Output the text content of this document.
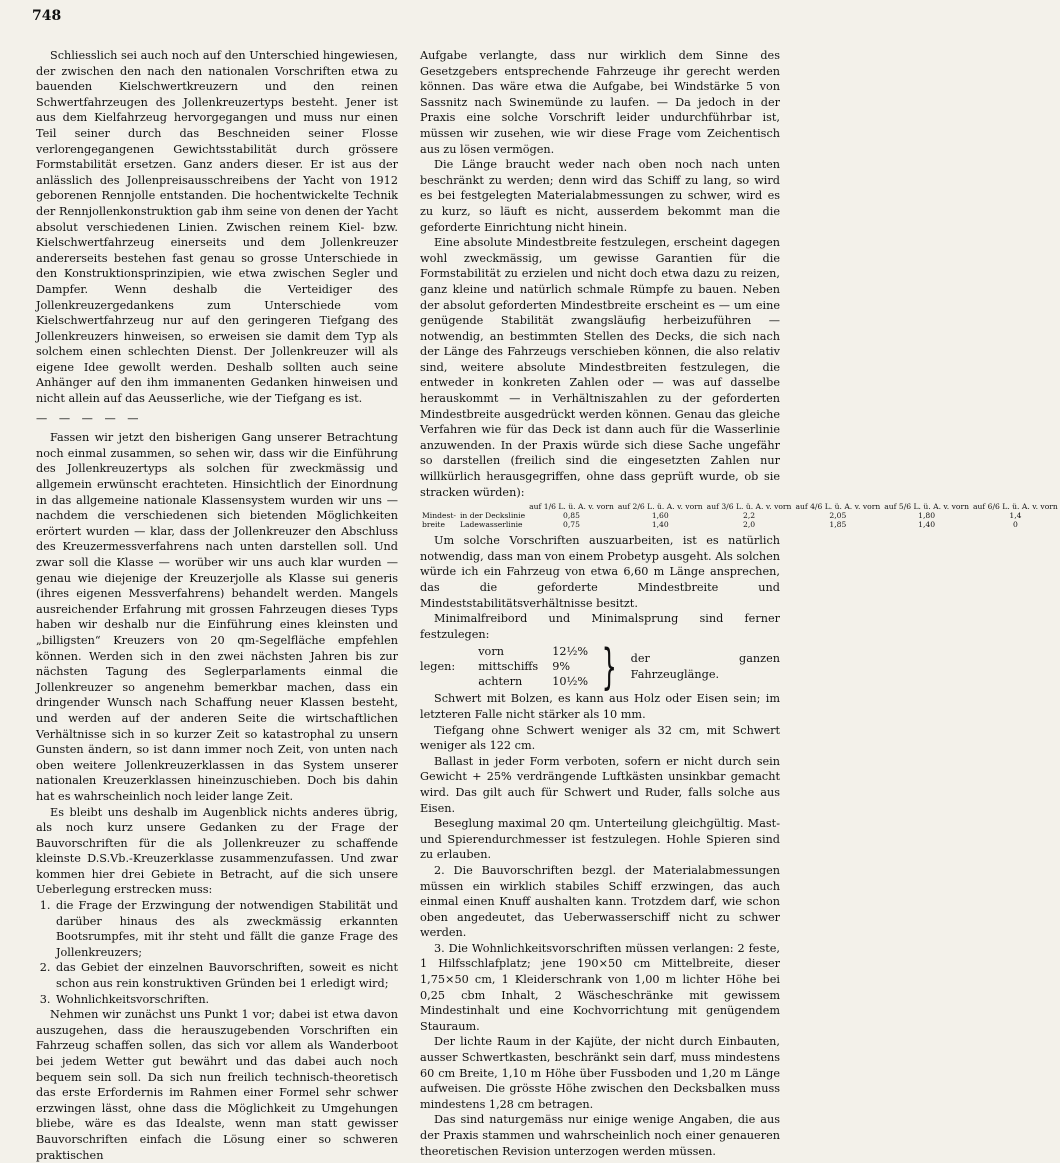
748

Schliesslich sei auch noch auf den Unterschied hingewiesen, der zwischen den nach den nationalen Vorschriften etwa zu bauenden Kielschwertkreuzern und den reinen Schwertfahrzeugen des Jollenkreuzertyps besteht. Jener ist aus dem Kielfahrzeug hervorgegangen und muss nur einen Teil seiner durch das Beschneiden seiner Flosse verlorengegangenen Gewichtsstabilität durch grössere Formstabilität ersetzen. Ganz anders dieser. Er ist aus der anlässlich des Jollenpreisausschreibens der Yacht von 1912 geborenen Rennjolle entstanden. Die hochentwickelte Technik der Rennjollenkonstruktion gab ihm seine von denen der Yacht absolut verschiedenen Linien. Zwischen reinem Kiel- bzw. Kielschwertfahrzeug einerseits und dem Jollenkreuzer andererseits bestehen fast genau so grosse Unterschiede in den Konstruktionsprinzipien, wie etwa zwischen Segler und Dampfer. Wenn deshalb die Verteidiger des Jollenkreuzergedankens zum Unterschiede vom Kielschwertfahrzeug nur auf den geringeren Tiefgang des Jollenkreuzers hinweisen, so erweisen sie damit dem Typ als solchem einen schlechten Dienst. Der Jollenkreuzer will als eigene Idee gewollt werden. Deshalb sollten auch seine Anhänger auf den ihm immanenten Gedanken hinweisen und nicht allein auf das Aeusserliche, wie der Tiefgang es ist.

— — — — —

Fassen wir jetzt den bisherigen Gang unserer Betrachtung noch einmal zusammen, so sehen wir, dass wir die Einführung des Jollenkreuzertyps als solchen für zweckmässig und allgemein erwünscht erachteten. Hinsichtlich der Einordnung in das allgemeine nationale Klassensystem wurden wir uns — nachdem die verschiedenen sich bietenden Möglichkeiten erörtert wurden — klar, dass der Jollenkreuzer den Abschluss des Kreuzermessverfahrens nach unten darstellen soll. Und zwar soll die Klasse — worüber wir uns auch klar wurden — genau wie diejenige der Kreuzerjolle als Klasse sui generis (ihres eigenen Messverfahrens) behandelt werden. Mangels ausreichender Erfahrung mit grossen Fahrzeugen dieses Typs haben wir deshalb nur die Einführung eines kleinsten und „billigsten“ Kreuzers von 20 qm-Segelfläche empfehlen können. Werden sich in den zwei nächsten Jahren bis zur nächsten Tagung des Seglerparlaments einmal die Jollenkreuzer so angenehm bemerkbar machen, dass ein dringender Wunsch nach Schaffung neuer Klassen besteht, und werden auf der anderen Seite die wirtschaftlichen Verhältnisse sich in so kurzer Zeit so katastrophal zu unsern Gunsten ändern, so ist dann immer noch Zeit, von unten nach oben weitere Jollenkreuzerklassen in das System unserer nationalen Kreuzerklassen hineinzuschieben. Doch bis dahin hat es wahrscheinlich noch leider lange Zeit.

Es bleibt uns deshalb im Augenblick nichts anderes übrig, als noch kurz unsere Gedanken zu der Frage der Bauvorschriften für die als Jollenkreuzer zu schaffende kleinste D.S.Vb.-Kreuzerklasse zusammenzufassen. Und zwar kommen hier drei Gebiete in Betracht, auf die sich unsere Ueberlegung erstrecken muss:

1. die Frage der Erzwingung der notwendigen Stabilität und darüber hinaus des als zweckmässig erkannten Bootsrumpfes, mit ihr steht und fällt die ganze Frage des Jollenkreuzers;
2. das Gebiet der einzelnen Bauvorschriften, soweit es nicht schon aus rein konstruktiven Gründen bei 1 erledigt wird;
3. Wohnlichkeitsvorschriften.

Nehmen wir zunächst uns Punkt 1 vor; dabei ist etwa davon auszugehen, dass die herauszugebenden Vorschriften ein Fahrzeug schaffen sollen, das sich vor allem als Wanderboot bei jedem Wetter gut bewährt und das dabei auch noch bequem sein soll. Da sich nun freilich technisch-theoretisch das erste Erfordernis im Rahmen einer Formel sehr schwer erzwingen lässt, ohne dass die Möglichkeit zu Umgehungen bliebe, wäre es das Idealste, wenn man statt gewisser Bauvorschriften einfach die Lösung einer so schweren praktischen

Aufgabe verlangte, dass nur wirklich dem Sinne des Gesetzgebers entsprechende Fahrzeuge ihr gerecht werden können. Das wäre etwa die Aufgabe, bei Windstärke 5 von Sassnitz nach Swinemünde zu laufen. — Da jedoch in der Praxis eine solche Vorschrift leider undurchführbar ist, müssen wir zusehen, wie wir diese Frage vom Zeichentisch aus zu lösen vermögen.

Die Länge braucht weder nach oben noch nach unten beschränkt zu werden; denn wird das Schiff zu lang, so wird es bei festgelegten Materialabmessungen zu schwer, wird es zu kurz, so läuft es nicht, ausserdem bekommt man die geforderte Einrichtung nicht hinein.

Eine absolute Mindestbreite festzulegen, erscheint dagegen wohl zweckmässig, um gewisse Garantien für die Formstabilität zu erzielen und nicht doch etwa dazu zu reizen, ganz kleine und natürlich schmale Rümpfe zu bauen. Neben der absolut geforderten Mindestbreite erscheint es — um eine genügende Stabilität zwangsläufig herbeizuführen — notwendig, an bestimmten Stellen des Decks, die sich nach der Länge des Fahrzeugs verschieben können, die also relativ sind, weitere absolute Mindestbreiten festzulegen, die entweder in konkreten Zahlen oder — was auf dasselbe herauskommt — in Verhältniszahlen zu der geforderten Mindestbreite ausgedrückt werden können. Genau das gleiche Verfahren wie für das Deck ist dann auch für die Wasserlinie anzuwenden. In der Praxis würde sich diese Sache ungefähr so darstellen (freilich sind die eingesetzten Zahlen nur willkürlich herausgegriffen, ohne dass geprüft wurde, ob sie stracken würden):

		auf 1/6 L. ü. A. v. vorn	auf 2/6 L. ü. A. v. vorn	auf 3/6 L. ü. A. v. vorn	auf 4/6 L. ü. A. v. vorn	auf 5/6 L. ü. A. v. vorn	auf 6/6 L. ü. A. v. vorn
Mindest-	in der Deckslinie	0,85	1,60	2,2	2,05	1,80	1,4
breite	Ladewasserlinie	0,75	1,40	2,0	1,85	1,40	0

Um solche Vorschriften auszuarbeiten, ist es natürlich notwendig, dass man von einem Probetyp ausgeht. Als solchen würde ich ein Fahrzeug von etwa 6,60 m Länge ansprechen, das die geforderte Mindestbreite und Mindeststabilitätsverhältnisse besitzt.

Minimalfreibord und Minimalsprung sind ferner festzulegen:

legen:
vorn	12½%
mittschiffs	9%
achtern	10½% } der ganzen Fahrzeuglänge.

Schwert mit Bolzen, es kann aus Holz oder Eisen sein; im letzteren Falle nicht stärker als 10 mm.

Tiefgang ohne Schwert weniger als 32 cm, mit Schwert weniger als 122 cm.

Ballast in jeder Form verboten, sofern er nicht durch sein Gewicht + 25% verdrängende Luftkästen unsinkbar gemacht wird. Das gilt auch für Schwert und Ruder, falls solche aus Eisen.

Beseglung maximal 20 qm. Unterteilung gleichgültig. Mast- und Spierendurchmesser ist festzulegen. Hohle Spieren sind zu erlauben.

2. Die Bauvorschriften bezgl. der Materialabmessungen müssen ein wirklich stabiles Schiff erzwingen, das auch einmal einen Knuff aushalten kann. Trotzdem darf, wie schon oben angedeutet, das Ueberwasserschiff nicht zu schwer werden.

3. Die Wohnlichkeitsvorschriften müssen verlangen: 2 feste, 1 Hilfsschlafplatz; jene 190×50 cm Mittelbreite, dieser 1,75×50 cm, 1 Kleiderschrank von 1,00 m lichter Höhe bei 0,25 cbm Inhalt, 2 Wäscheschränke mit gewissem Mindestinhalt und eine Kochvorrichtung mit genügendem Stauraum.

Der lichte Raum in der Kajüte, der nicht durch Einbauten, ausser Schwertkasten, beschränkt sein darf, muss mindestens 60 cm Breite, 1,10 m Höhe über Fussboden und 1,20 m Länge aufweisen. Die grösste Höhe zwischen den Decksbalken muss mindestens 1,28 cm betragen.

Das sind naturgemäss nur einige wenige Angaben, die aus der Praxis stammen und wahrscheinlich noch einer genaueren theoretischen Revision unterzogen werden müssen.
